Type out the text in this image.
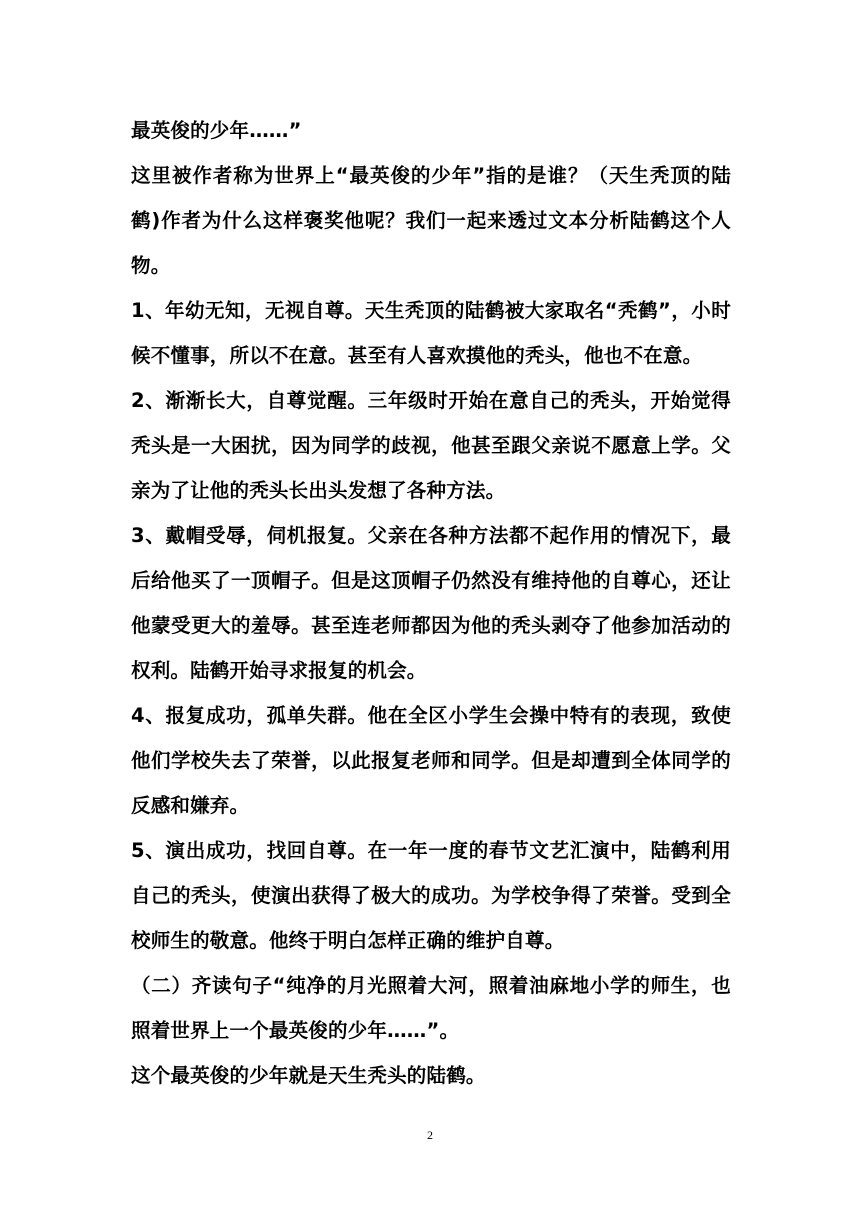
最英俊的少年……”

这里被作者称为世界上“最英俊的少年”指的是谁？（天生秃顶的陆鹤)作者为什么这样褒奖他呢？我们一起来透过文本分析陆鹤这个人物。

1、年幼无知，无视自尊。天生秃顶的陆鹤被大家取名“秃鹤”，小时候不懂事，所以不在意。甚至有人喜欢摸他的秃头，他也不在意。

2、渐渐长大，自尊觉醒。三年级时开始在意自己的秃头，开始觉得秃头是一大困扰，因为同学的歧视，他甚至跟父亲说不愿意上学。父亲为了让他的秃头长出头发想了各种方法。

3、戴帽受辱，伺机报复。父亲在各种方法都不起作用的情况下，最后给他买了一顶帽子。但是这顶帽子仍然没有维持他的自尊心，还让他蒙受更大的羞辱。甚至连老师都因为他的秃头剥夺了他参加活动的权利。陆鹤开始寻求报复的机会。

4、报复成功，孤单失群。他在全区小学生会操中特有的表现，致使他们学校失去了荣誉，以此报复老师和同学。但是却遭到全体同学的反感和嫌弃。

5、演出成功，找回自尊。在一年一度的春节文艺汇演中，陆鹤利用自己的秃头，使演出获得了极大的成功。为学校争得了荣誉。受到全校师生的敬意。他终于明白怎样正确的维护自尊。

（二）齐读句子“纯净的月光照着大河，照着油麻地小学的师生，也照着世界上一个最英俊的少年……”。

这个最英俊的少年就是天生秃头的陆鹤。

2
